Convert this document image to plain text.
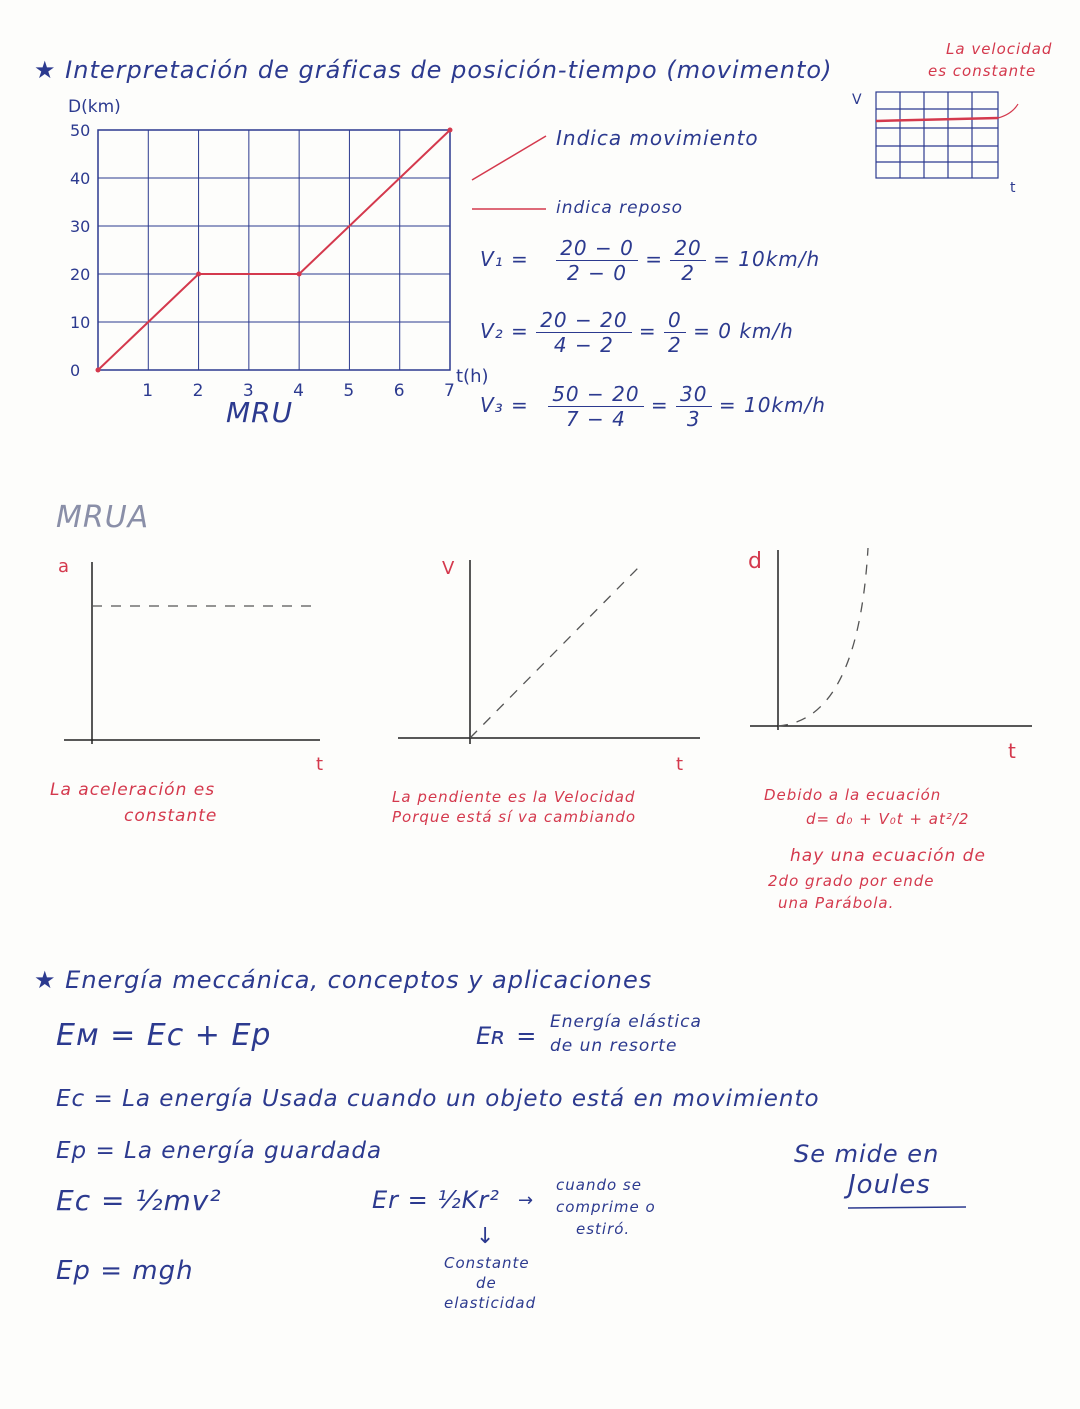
★ Interpretación de gráficas de posición-tiempo (movimento)
1 2 3 4 5 6 7
0
10
20
30
40
50
D(km)
t(h)
MRU
Indica movimiento
indica reposo
$V_1 = \frac{20 - 0}{2 - 0} = \frac{20}{2} = 10km/h$
$V_2 = \frac{20 - 20}{4 - 2} = \frac{0}{2} = 0$ km/h
$V_3 = \frac{50 - 20}{7 - 4} = \frac{30}{3} = 10km/h$
La velocidad
es constante
V
t
MRUA
a
t
La aceleración es
constante
V
t
La pendiente es la Velocidad
Porque está sí va cambiando
d
t
Debido a la ecuación
d= d₀ + V₀t + at²/2
hay una ecuación de
2do grado por ende
una Parábola.
★ Energía meccánica, conceptos y aplicaciones
Eᴍ = Ec + Ep	Eʀ = Energía elástica
de un resorte
Ec = La energía Usada cuando un objeto está en movimiento
Ep = La energía guardada	Se mide en
Joules
Ec = ½mv²	Er = ½Kr² →
cuando se
comprime o
estiró.
↓
Constante
de
elasticidad
Ep = mgh
